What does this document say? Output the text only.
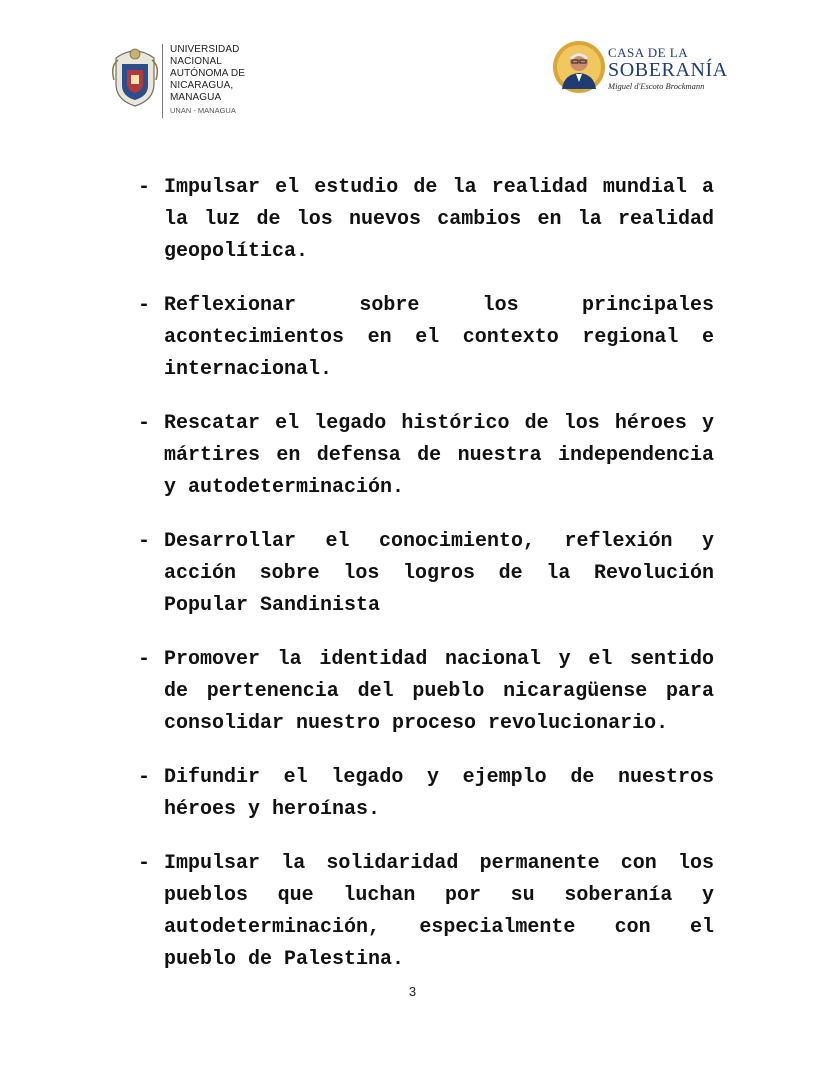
UNIVERSIDAD
NACIONAL
AUTÓNOMA DE
NICARAGUA,
MANAGUA
UNAN - MANAGUA
CASA DE LA
SOBERANÍA
Miguel d'Escoto Brockmann
- Impulsar el estudio de la realidad mundial a la luz de los nuevos cambios en la realidad geopolítica.
- Reflexionar sobre los principales acontecimientos en el contexto regional e internacional.
- Rescatar el legado histórico de los héroes y mártires en defensa de nuestra independencia y autodeterminación.
- Desarrollar el conocimiento, reflexión y acción sobre los logros de la Revolución Popular Sandinista
- Promover la identidad nacional y el sentido de pertenencia del pueblo nicaragüense para consolidar nuestro proceso revolucionario.
- Difundir el legado y ejemplo de nuestros héroes y heroínas.
- Impulsar la solidaridad permanente con los pueblos que luchan por su soberanía y autodeterminación, especialmente con el pueblo de Palestina.
3
